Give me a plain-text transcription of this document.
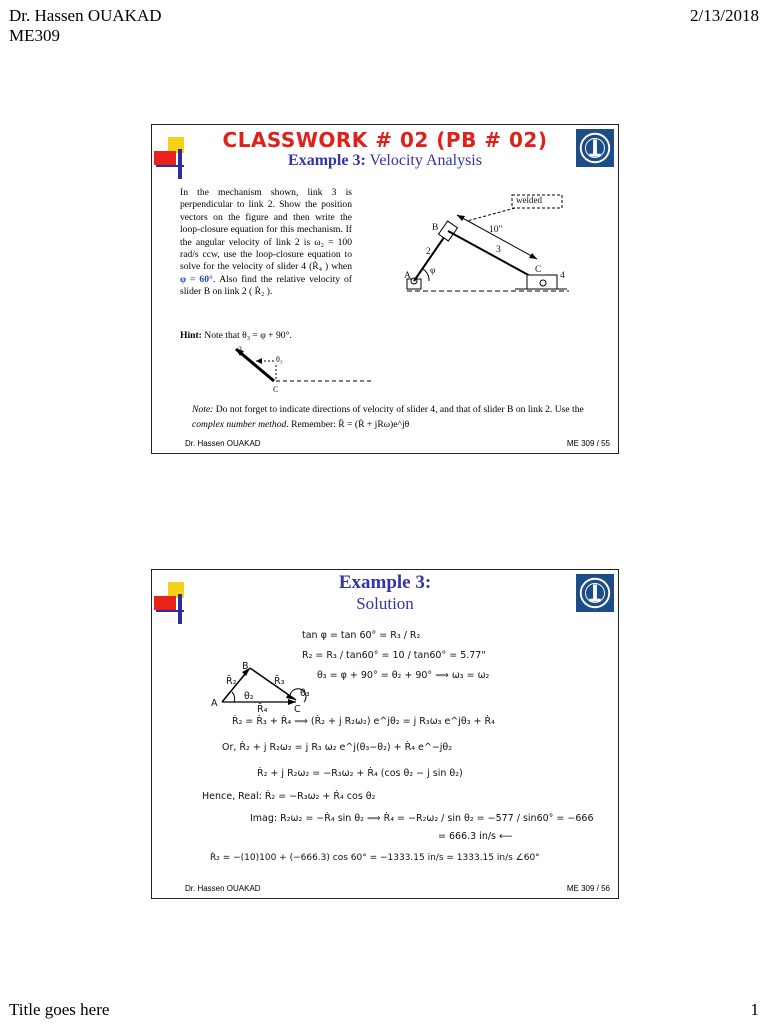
Dr. Hassen OUAKAD
ME309
2/13/2018
CLASSWORK # 02 (PB # 02)
Example 3: Velocity Analysis
In the mechanism shown, link 3 is perpendicular to link 2. Show the position vectors on the figure and then write the loop-closure equation for this mechanism. If the angular velocity of link 2 is ω₂ = 100 rad/s ccw, use the loop-closure equation to solve for the velocity of slider 4 (Ṙ₄ ) when φ = 60°. Also find the relative velocity of slider B on link 2 ( Ṙ₂ ).
welded
10"
2	3
4
A
B
C
φ
Hint: Note that θ₃ = φ + 90°.
3
θ₃
C
Note: Do not forget to indicate directions of velocity of slider 4, and that of slider B on link 2. Use the complex number method. Remember: R̈ = (Ṙ + jRω)e^jθ
Dr. Hassen OUAKAD	ME 309 / 55
Example 3:
Solution
B
A
C
R̄₂	R̄₃
R̄₄
θ₂	θ₃
tan φ = tan 60° = R₃ / R₂
R₂ = R₃ / tan60° = 10 / tan60° = 5.77"
θ₃ = φ + 90° = θ₂ + 90° ⟹ ω₃ = ω₂
Ṙ₂ = Ṙ₃ + Ṙ₄ ⟹ (Ṙ₂ + j R₂ω₂) e^jθ₂ = j R₃ω₃ e^jθ₃ + Ṙ₄
Or, Ṙ₂ + j R₂ω₂ = j R₃ ω₂ e^j(θ₃−θ₂) + Ṙ₄ e^−jθ₂
Ṙ₂ + j R₂ω₂ = −R₃ω₂ + Ṙ₄ (cos θ₂ − j sin θ₂)
Hence, Real: Ṙ₂ = −R₃ω₂ + Ṙ₄ cos θ₂
Imag: R₂ω₂ = −Ṙ₄ sin θ₂ ⟹ Ṙ₄ = −R₂ω₂ / sin θ₂ = −577 / sin60° = −666
= 666.3 in/s ⟵
Ṙ₂ = −(10)100 + (−666.3) cos 60° = −1333.15 in/s = 1333.15 in/s ∠60°
Dr. Hassen OUAKAD	ME 309 / 56
Title goes here	1
